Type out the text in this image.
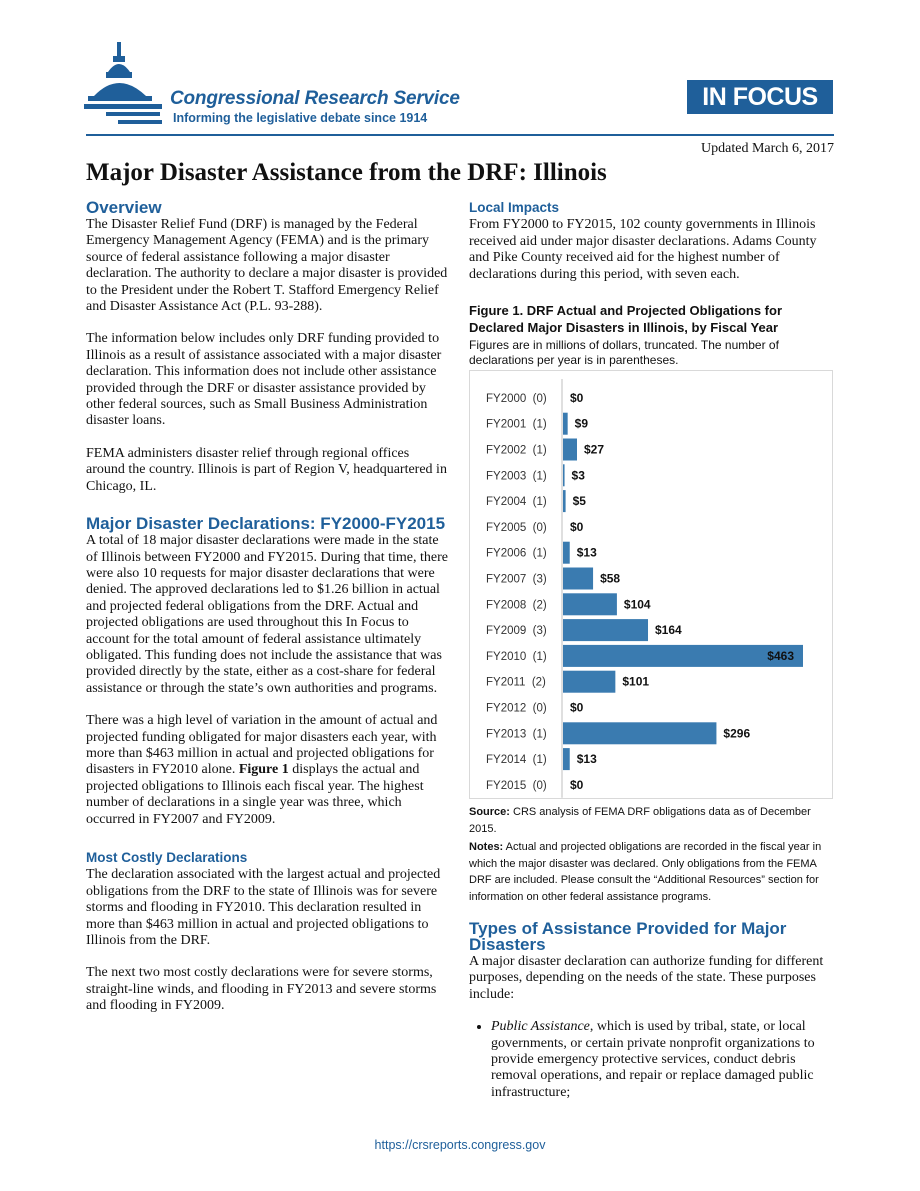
Congressional Research Service
Informing the legislative debate since 1914
IN FOCUS
Updated March 6, 2017
Major Disaster Assistance from the DRF: Illinois
Overview

The Disaster Relief Fund (DRF) is managed by the Federal Emergency Management Agency (FEMA) and is the primary source of federal assistance following a major disaster declaration. The authority to declare a major disaster is provided to the President under the Robert T. Stafford Emergency Relief and Disaster Assistance Act (P.L. 93-288).

The information below includes only DRF funding provided to Illinois as a result of assistance associated with a major disaster declaration. This information does not include other assistance provided through the DRF or disaster assistance provided by other federal sources, such as Small Business Administration disaster loans.

FEMA administers disaster relief through regional offices around the country. Illinois is part of Region V, headquartered in Chicago, IL.

Major Disaster Declarations: FY2000-FY2015

A total of 18 major disaster declarations were made in the state of Illinois between FY2000 and FY2015. During that time, there were also 10 requests for major disaster declarations that were denied. The approved declarations led to $1.26 billion in actual and projected federal obligations from the DRF. Actual and projected obligations are used throughout this In Focus to account for the total amount of federal assistance ultimately obligated. This funding does not include the assistance that was provided directly by the state, either as a cost-share for federal assistance or through the state’s own authorities and programs.

There was a high level of variation in the amount of actual and projected funding obligated for major disasters each year, with more than $463 million in actual and projected obligations for disasters in FY2010 alone. Figure 1 displays the actual and projected obligations to Illinois each fiscal year. The highest number of declarations in a single year was three, which occurred in FY2007 and FY2009.

Most Costly Declarations

The declaration associated with the largest actual and projected obligations from the DRF to the state of Illinois was for severe storms and flooding in FY2010. This declaration resulted in more than $463 million in actual and projected obligations to Illinois from the DRF.

The next two most costly declarations were for severe storms, straight-line winds, and flooding in FY2013 and severe storms and flooding in FY2009.

Local Impacts

From FY2000 to FY2015, 102 county governments in Illinois received aid under major disaster declarations. Adams County and Pike County received aid for the highest number of declarations during this period, with seven each.

Figure 1. DRF Actual and Projected Obligations for Declared Major Disasters in Illinois, by Fiscal Year
Figures are in millions of dollars, truncated. The number of declarations per year is in parentheses.
FY2000  (0) $0
FY2001  (1) $9
FY2002  (1)	$27
FY2003  (1) $3
FY2004  (1) $5
FY2005  (0) $0
FY2006  (1)	$13
FY2007  (3)	$58
FY2008  (2)	$104
FY2009  (3)	$164
FY2010  (1)	$463
FY2011  (2)	$101
FY2012  (0) $0
FY2013  (1)	$296
FY2014  (1)	$13
FY2015  (0) $0
Source: CRS analysis of FEMA DRF obligations data as of December 2015.
Notes: Actual and projected obligations are recorded in the fiscal year in which the major disaster was declared. Only obligations from the FEMA DRF are included. Please consult the “Additional Resources” section for information on other federal assistance programs.
Types of Assistance Provided for Major Disasters

A major disaster declaration can authorize funding for different purposes, depending on the needs of the state. These purposes include:

• Public Assistance, which is used by tribal, state, or local governments, or certain private nonprofit organizations to provide emergency protective services, conduct debris removal operations, and repair or replace damaged public infrastructure;
https://crsreports.congress.gov
